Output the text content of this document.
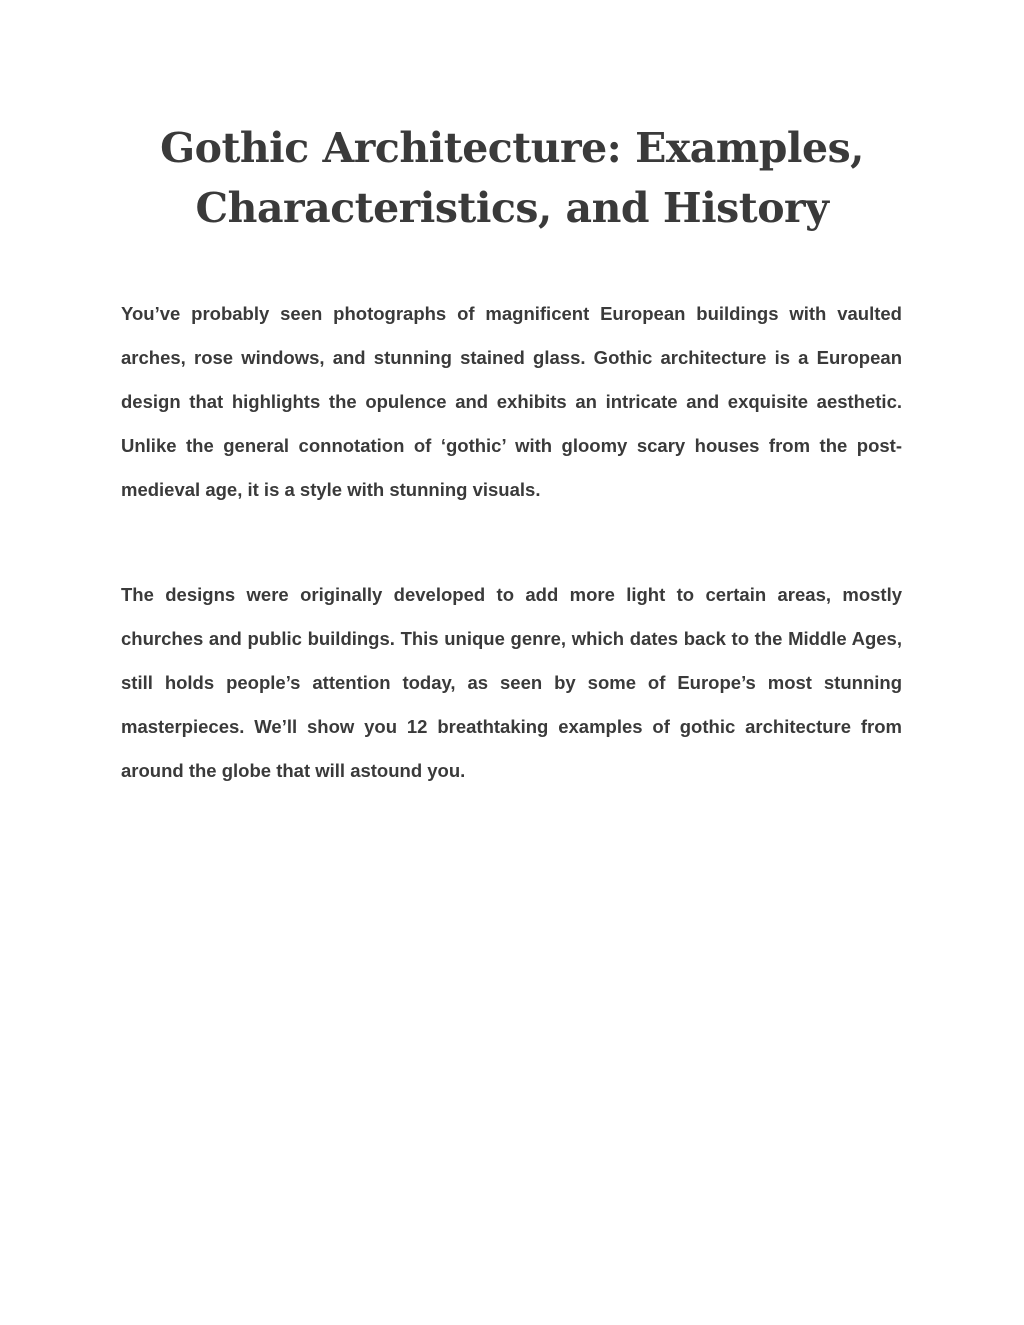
Gothic Architecture: Examples,
Characteristics, and History

You’ve probably seen photographs of magnificent European buildings with vaulted arches, rose windows, and stunning stained glass. Gothic architecture is a European design that highlights the opulence and exhibits an intricate and exquisite aesthetic. Unlike the general connotation of ‘gothic’ with gloomy scary houses from the post-medieval age, it is a style with stunning visuals.

The designs were originally developed to add more light to certain areas, mostly churches and public buildings. This unique genre, which dates back to the Middle Ages, still holds people’s attention today, as seen by some of Europe’s most stunning masterpieces. We’ll show you 12 breathtaking examples of gothic architecture from around the globe that will astound you.
